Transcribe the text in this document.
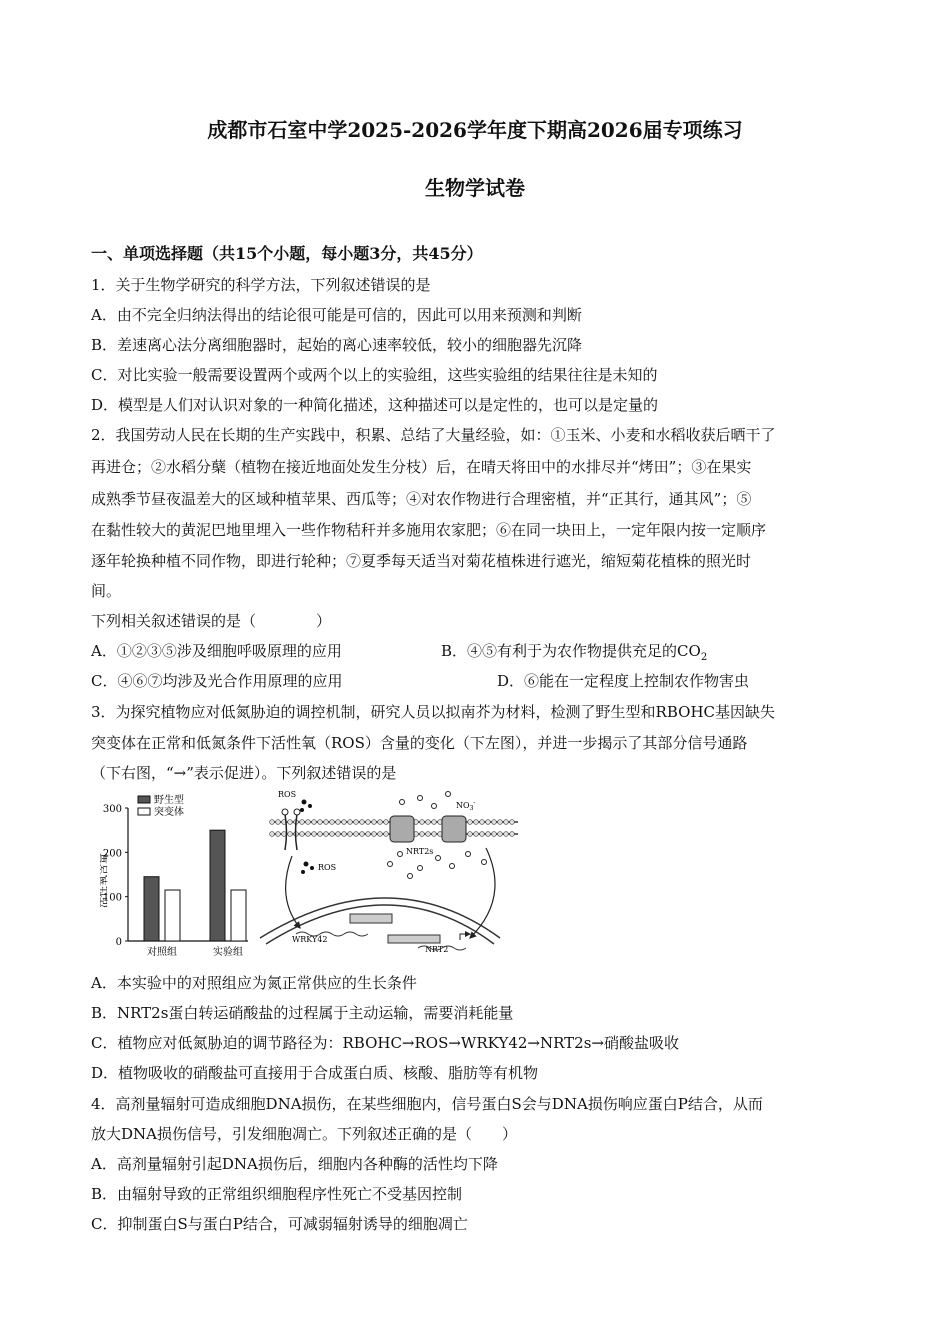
成都市石室中学2025-2026学年度下期高2026届专项练习
生物学试卷
一、单项选择题（共15个小题，每小题3分，共45分）
1．关于生物学研究的科学方法，下列叙述错误的是
A．由不完全归纳法得出的结论很可能是可信的，因此可以用来预测和判断
B．差速离心法分离细胞器时，起始的离心速率较低，较小的细胞器先沉降
C．对比实验一般需要设置两个或两个以上的实验组，这些实验组的结果往往是未知的
D．模型是人们对认识对象的一种简化描述，这种描述可以是定性的，也可以是定量的
2．我国劳动人民在长期的生产实践中，积累、总结了大量经验，如：①玉米、小麦和水稻收获后晒干了
再进仓；②水稻分蘖（植物在接近地面处发生分枝）后，在晴天将田中的水排尽并“烤田”；③在果实
成熟季节昼夜温差大的区域种植苹果、西瓜等；④对农作物进行合理密植，并“正其行，通其风”；⑤
在黏性较大的黄泥巴地里埋入一些作物秸秆并多施用农家肥；⑥在同一块田上，一定年限内按一定顺序
逐年轮换种植不同作物，即进行轮种；⑦夏季每天适当对菊花植株进行遮光，缩短菊花植株的照光时
间。
下列相关叙述错误的是（　　　　）
A．①②③⑤涉及细胞呼吸原理的应用	B．④⑤有利于为农作物提供充足的$CO_2$
C．④⑥⑦均涉及光合作用原理的应用	D．⑥能在一定程度上控制农作物害虫
3．为探究植物应对低氮胁迫的调控机制，研究人员以拟南芥为材料，检测了野生型和RBOHC基因缺失
突变体在正常和低氮条件下活性氧（ROS）含量的变化（下左图），并进一步揭示了其部分信号通路
（下右图，“→”表示促进）。下列叙述错误的是
活性氧含量
0
100
200
300
对照组	实验组
野生型
突变体
ROS
$NO_3^-$
NRT2s
ROS
WRKY42
NRT2
A．本实验中的对照组应为氮正常供应的生长条件
B．NRT2s蛋白转运硝酸盐的过程属于主动运输，需要消耗能量
C．植物应对低氮胁迫的调节路径为：RBOHC→ROS→WRKY42→NRT2s→硝酸盐吸收
D．植物吸收的硝酸盐可直接用于合成蛋白质、核酸、脂肪等有机物
4．高剂量辐射可造成细胞DNA损伤，在某些细胞内，信号蛋白S会与DNA损伤响应蛋白P结合，从而
放大DNA损伤信号，引发细胞凋亡。下列叙述正确的是（　　）
A．高剂量辐射引起DNA损伤后，细胞内各种酶的活性均下降
B．由辐射导致的正常组织细胞程序性死亡不受基因控制
C．抑制蛋白S与蛋白P结合，可减弱辐射诱导的细胞凋亡
